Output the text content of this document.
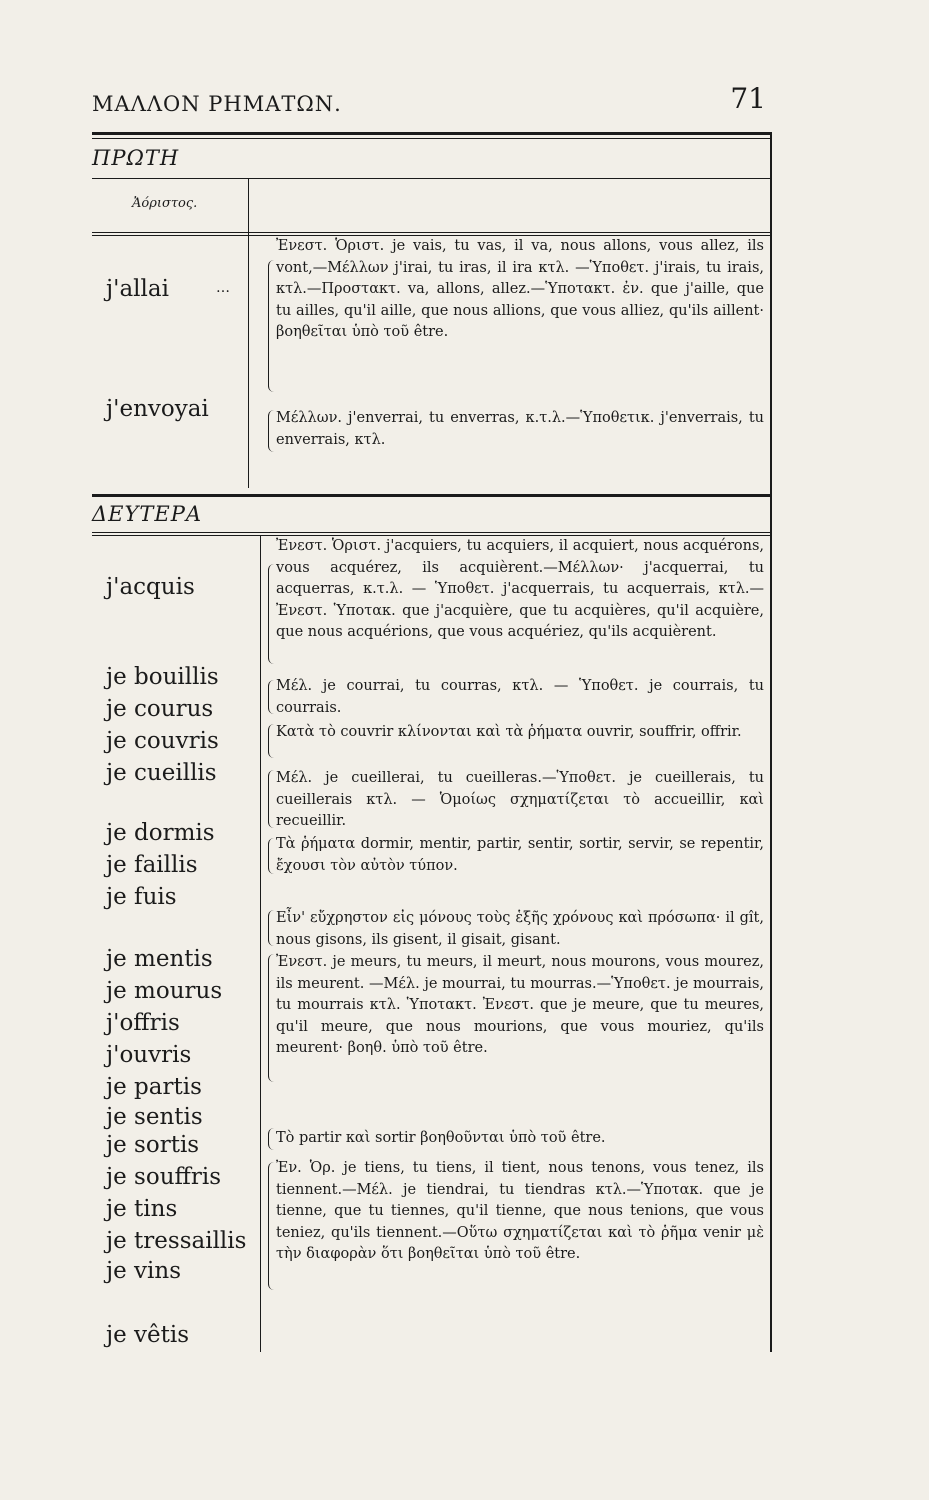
ΜΑΛΛΟΝ ΡΗΜΑΤΩΝ.	71
ΠΡΩΤΗ
Ἀόριστος.
j'allai	…
j'envoyai
Ἐνεστ. Ὁριστ. je vais, tu vas, il va, nous allons, vous allez, ils vont,—Μέλλων j'irai, tu iras, il ira κτλ. —Ὑποθετ. j'irais, tu irais, κτλ.—Προστακτ. va, allons, allez.—Ὑποτακτ. ἐν. que j'aille, que tu ailles, qu'il aille, que nous allions, que vous alliez, qu'ils aillent· βοηθεῖται ὑπὸ τοῦ être.
Μέλλων. j'enverrai, tu enverras, κ.τ.λ.—Ὑποθετικ. j'enverrais, tu enverrais, κτλ.
ΔΕΥΤΕΡΑ
j'acquis
je bouillis
je courus
je couvris
je cueillis
je dormis
je faillis
je fuis
je mentis
je mourus
j'offris
j'ouvris
je partis
je sentis
je sortis
je souffris
je tins
je tressaillis
je vins
je vêtis
Ἐνεστ. Ὁριστ. j'acquiers, tu acquiers, il acquiert, nous acquérons, vous acquérez, ils acquièrent.—Μέλλων· j'acquerrai, tu acquerras, κ.τ.λ. — Ὑποθετ. j'acquerrais, tu acquerrais, κτλ.—Ἐνεστ. Ὑποτακ. que j'acquière, que tu acquières, qu'il acquière, que nous acquérions, que vous acquériez, qu'ils acquièrent.
Μέλ. je courrai, tu courras, κτλ. — Ὑποθετ. je courrais, tu courrais.
Κατὰ τὸ couvrir κλίνονται καὶ τὰ ῥήματα ouvrir, souffrir, offrir.
Μέλ. je cueillerai, tu cueilleras.—Ὑποθετ. je cueillerais, tu cueillerais κτλ. — Ὁμοίως σχηματίζεται τὸ accueillir, καὶ recueillir.
Τὰ ῥήματα dormir, mentir, partir, sentir, sortir, servir, se repentir, ἔχουσι τὸν αὐτὸν τύπον.
Εἶν' εὔχρηστον εἰς μόνους τοὺς ἑξῆς χρόνους καὶ πρόσωπα· il gît, nous gisons, ils gisent, il gisait, gisant.
Ἐνεστ. je meurs, tu meurs, il meurt, nous mourons, vous mourez, ils meurent. —Μέλ. je mourrai, tu mourras.—Ὑποθετ. je mourrais, tu mourrais κτλ. Ὑποτακτ. Ἐνεστ. que je meure, que tu meures, qu'il meure, que nous mourions, que vous mouriez, qu'ils meurent· βοηθ. ὑπὸ τοῦ être.
Τὸ partir καὶ sortir βοηθοῦνται ὑπὸ τοῦ être.
Ἐν. Ὁρ. je tiens, tu tiens, il tient, nous tenons, vous tenez, ils tiennent.—Μέλ. je tiendrai, tu tiendras κτλ.—Ὑποτακ. que je tienne, que tu tiennes, qu'il tienne, que nous tenions, que vous teniez, qu'ils tiennent.—Οὕτω σχηματίζεται καὶ τὸ ῥῆμα venir μὲ τὴν διαφορὰν ὅτι βοηθεῖται ὑπὸ τοῦ être.
